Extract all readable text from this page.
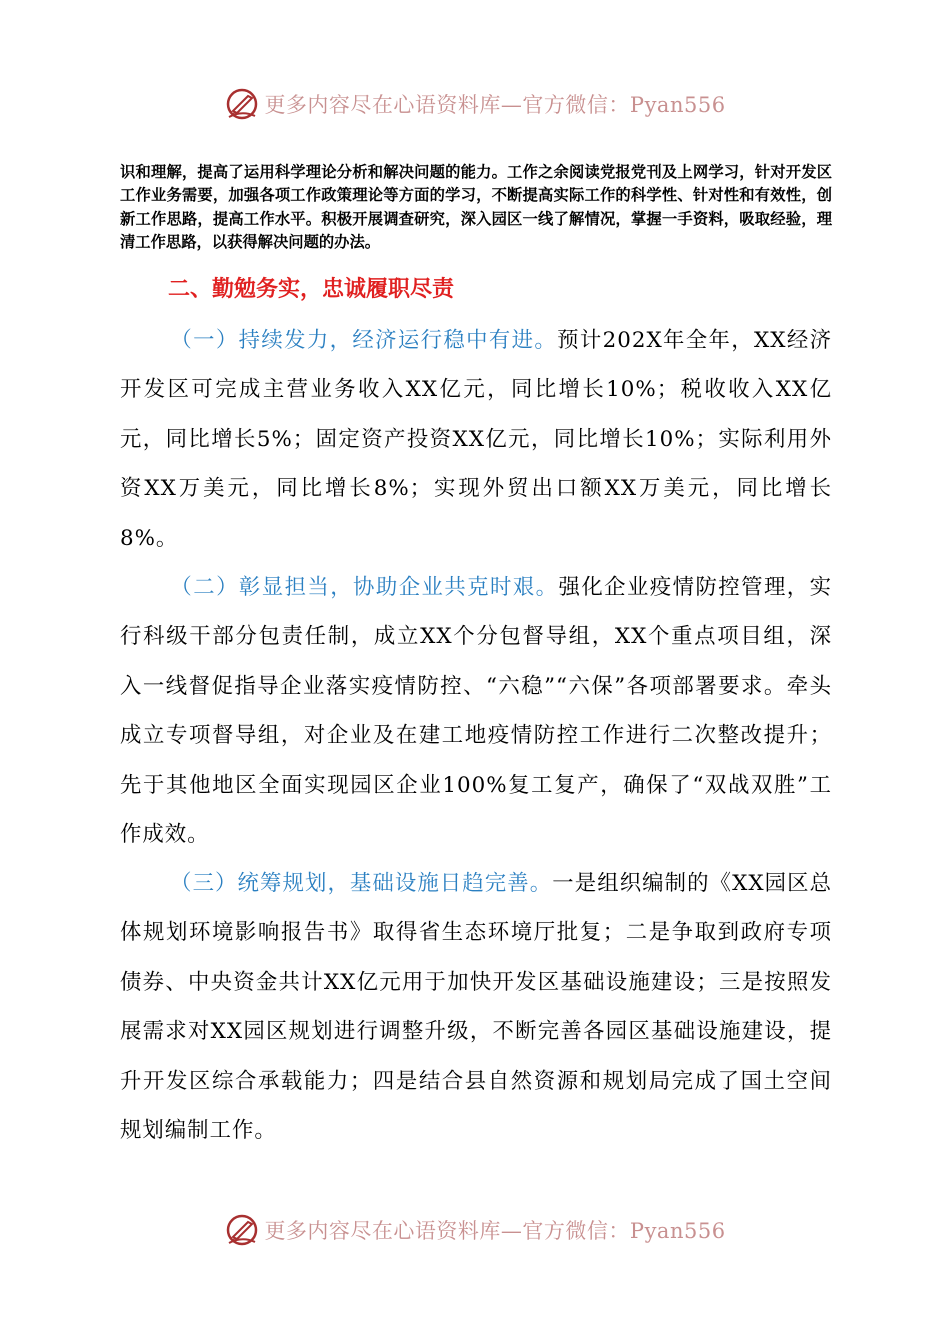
更多内容尽在心语资料库—官方微信：Pyan556

识和理解，提高了运用科学理论分析和解决问题的能力。工作之余阅读党报党刊及上网学习，针对开发区工作业务需要，加强各项工作政策理论等方面的学习，不断提高实际工作的科学性、针对性和有效性，创新工作思路，提高工作水平。积极开展调查研究，深入园区一线了解情况，掌握一手资料，吸取经验，理清工作思路，以获得解决问题的办法。

二、勤勉务实，忠诚履职尽责

（一）持续发力，经济运行稳中有进。预计202X年全年，XX经济开发区可完成主营业务收入XX亿元，同比增长10%；税收收入XX亿元，同比增长5%；固定资产投资XX亿元，同比增长10%；实际利用外资XX万美元，同比增长8%；实现外贸出口额XX万美元，同比增长8%。

（二）彰显担当，协助企业共克时艰。强化企业疫情防控管理，实行科级干部分包责任制，成立XX个分包督导组，XX个重点项目组，深入一线督促指导企业落实疫情防控、“六稳”“六保”各项部署要求。牵头成立专项督导组，对企业及在建工地疫情防控工作进行二次整改提升；先于其他地区全面实现园区企业100%复工复产，确保了“双战双胜”工作成效。

（三）统筹规划，基础设施日趋完善。一是组织编制的《XX园区总体规划环境影响报告书》取得省生态环境厅批复；二是争取到政府专项债券、中央资金共计XX亿元用于加快开发区基础设施建设；三是按照发展需求对XX园区规划进行调整升级，不断完善各园区基础设施建设，提升开发区综合承载能力；四是结合县自然资源和规划局完成了国土空间规划编制工作。

更多内容尽在心语资料库—官方微信：Pyan556
